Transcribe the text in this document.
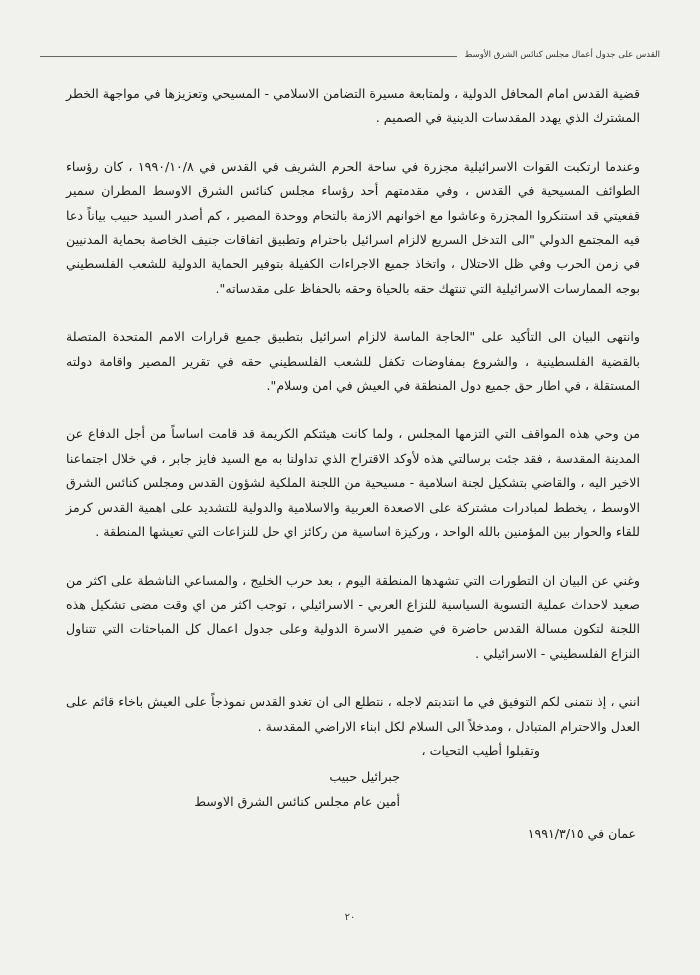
القدس على جدول أعمال مجلس كنائس الشرق الأوسط

قضية القدس امام المحافل الدولية ، ولمتابعة مسيرة التضامن الاسلامي - المسيحي وتعزيزها في مواجهة الخطر المشترك الذي يهدد المقدسات الدينية في الصميم .

وعندما ارتكبت القوات الاسرائيلية مجزرة في ساحة الحرم الشريف في القدس في ١٩٩٠/١٠/٨ ، كان رؤساء الطوائف المسيحية في القدس ، وفي مقدمتهم أحد رؤساء مجلس كنائس الشرق الاوسط المطران سمير قفعيتي قد استنكروا المجزرة وعاشوا مع اخوانهم الازمة بالتحام ووحدة المصير ، كم أصدر السيد حبيب بياناً دعا فيه المجتمع الدولي "الى التدخل السريع لالزام اسرائيل باحترام وتطبيق اتفاقات جنيف الخاصة بحماية المدنيين في زمن الحرب وفي ظل الاحتلال ، واتخاذ جميع الاجراءات الكفيلة بتوفير الحماية الدولية للشعب الفلسطيني بوجه الممارسات الاسرائيلية التي تنتهك حقه بالحياة وحقه بالحفاظ على مقدساته".

وانتهى البيان الى التأكيد على "الحاجة الماسة لالزام اسرائيل بتطبيق جميع قرارات الامم المتحدة المتصلة بالقضية الفلسطينية ، والشروع بمفاوضات تكفل للشعب الفلسطيني حقه في تقرير المصير واقامة دولته المستقلة ، في اطار حق جميع دول المنطقة في العيش في امن وسلام".

من وحي هذه المواقف التي التزمها المجلس ، ولما كانت هيئتكم الكريمة قد قامت اساساً من أجل الدفاع عن المدينة المقدسة ، فقد جئت برسالتي هذه لأوكد الاقتراح الذي تداولنا به مع السيد فايز جابر ، في خلال اجتماعنا الاخير اليه ، والقاضي بتشكيل لجنة اسلامية - مسيحية من اللجنة الملكية لشؤون القدس ومجلس كنائس الشرق الاوسط ، يخطط لمبادرات مشتركة على الاصعدة العربية والاسلامية والدولية للتشديد على اهمية القدس كرمز للقاء والحوار بين المؤمنين بالله الواحد ، وركيزة اساسية من ركائز اي حل للنزاعات التي تعيشها المنطقة .

وغني عن البيان ان التطورات التي تشهدها المنطقة اليوم ، بعد حرب الخليج ، والمساعي الناشطة على اكثر من صعيد لاحداث عملية التسوية السياسية للنزاع العربي - الاسرائيلي ، توجب اكثر من اي وقت مضى تشكيل هذه اللجنة لتكون مسالة القدس حاضرة في ضمير الاسرة الدولية وعلى جدول اعمال كل المباحثات التي تتناول النزاع الفلسطيني - الاسرائيلي .

انني ، إذ نتمنى لكم التوفيق في ما انتدبتم لاجله ، نتطلع الى ان تغدو القدس نموذجاً على العيش باخاء قائم على العدل والاحترام المتبادل ، ومدخلاً الى السلام لكل ابناء الاراضي المقدسة .

وتقبلوا أطيب التحيات ،
جبرائيل حبيب
أمين عام مجلس كنائس الشرق الاوسط
عمان في ١٩٩١/٣/١٥
٢٠
